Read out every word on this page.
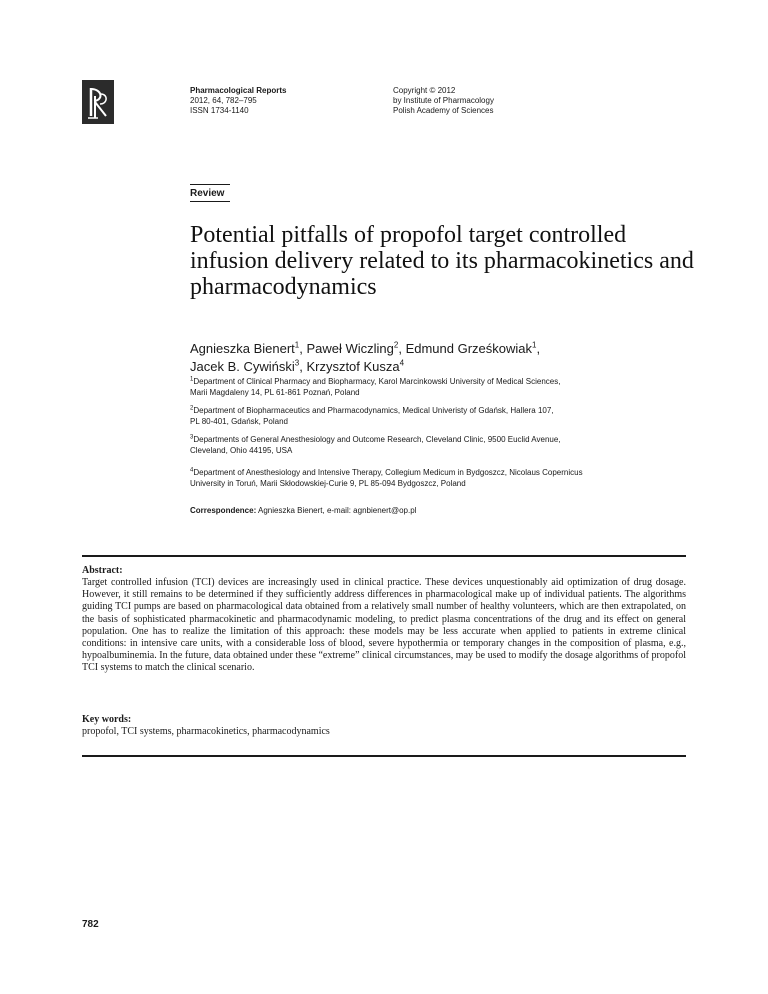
Pharmacological Reports
2012, 64, 782–795
ISSN 1734-1140
Copyright © 2012
by Institute of Pharmacology
Polish Academy of Sciences
Review
Potential pitfalls of propofol target controlled infusion delivery related to its pharmacokinetics and pharmacodynamics
Agnieszka Bienert$^1$, Paweł Wiczling$^2$, Edmund Grześkowiak$^1$,
Jacek B. Cywiński$^3$, Krzysztof Kusza$^4$
$^1$Department of Clinical Pharmacy and Biopharmacy, Karol Marcinkowski University of Medical Sciences,
Marii Magdaleny 14, PL 61-861 Poznań, Poland
$^2$Department of Biopharmaceutics and Pharmacodynamics, Medical Univeristy of Gdańsk, Hallera 107,
PL 80-401, Gdańsk, Poland
$^3$Departments of General Anesthesiology and Outcome Research, Cleveland Clinic, 9500 Euclid Avenue,
Cleveland, Ohio 44195, USA
$^4$Department of Anesthesiology and Intensive Therapy, Collegium Medicum in Bydgoszcz, Nicolaus Copernicus
University in Toruń, Marii Skłodowskiej-Curie 9, PL 85-094 Bydgoszcz, Poland
Correspondence: Agnieszka Bienert, e-mail: agnbienert@op.pl
Abstract:
Target controlled infusion (TCI) devices are increasingly used in clinical practice. These devices unquestionably aid optimization of drug dosage. However, it still remains to be determined if they sufficiently address differences in pharmacological make up of individual patients. The algorithms guiding TCI pumps are based on pharmacological data obtained from a relatively small number of healthy volunteers, which are then extrapolated, on the basis of sophisticated pharmacokinetic and pharmacodynamic modeling, to predict plasma concentrations of the drug and its effect on general population. One has to realize the limitation of this approach: these models may be less accurate when applied to patients in extreme clinical conditions: in intensive care units, with a considerable loss of blood, severe hypothermia or temporary changes in the composition of plasma, e.g., hypoalbuminemia. In the future, data obtained under these “extreme” clinical circumstances, may be used to modify the dosage algorithms of propofol TCI systems to match the clinical scenario.
Key words:
propofol, TCI systems, pharmacokinetics, pharmacodynamics
782
